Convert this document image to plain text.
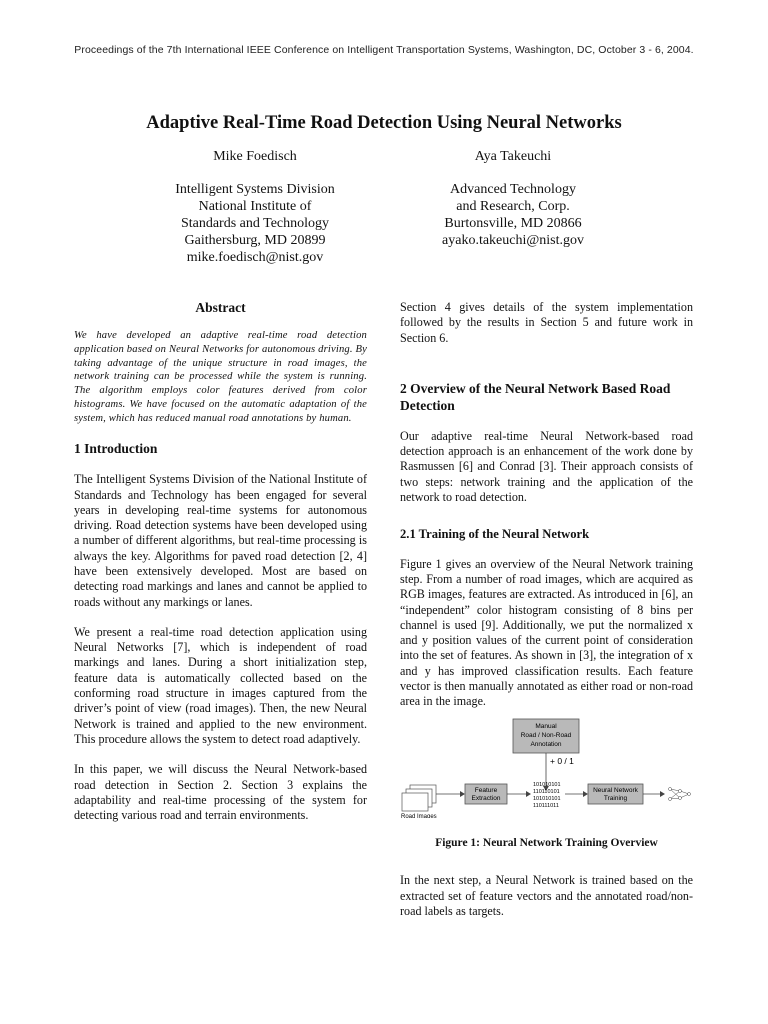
Proceedings of the 7th International IEEE Conference on Intelligent Transportation Systems, Washington, DC, October 3 - 6, 2004.
Adaptive Real-Time Road Detection Using Neural Networks
Mike Foedisch
Intelligent Systems Division
National Institute of
Standards and Technology
Gaithersburg, MD 20899
mike.foedisch@nist.gov
Aya Takeuchi
Advanced Technology
and Research, Corp.
Burtonsville, MD 20866
ayako.takeuchi@nist.gov
Abstract

We have developed an adaptive real-time road detection application based on Neural Networks for autonomous driving. By taking advantage of the unique structure in road images, the network training can be processed while the system is running. The algorithm employs color features derived from color histograms. We have focused on the automatic adaptation of the system, which has reduced manual road annotations by human.

1 Introduction

The Intelligent Systems Division of the National Institute of Standards and Technology has been engaged for several years in developing real-time systems for autonomous driving. Road detection systems have been developed using a number of different algorithms, but real-time processing is always the key. Algorithms for paved road detection [2, 4] have been extensively developed. Most are based on detecting road markings and lanes and cannot be applied to roads without any markings or lanes.

We present a real-time road detection application using Neural Networks [7], which is independent of road markings and lanes. During a short initialization step, feature data is automatically collected based on the conforming road structure in images captured from the driver’s point of view (road images). Then, the new Neural Network is trained and applied to the new environment. This procedure allows the system to detect road adaptively.

In this paper, we will discuss the Neural Network-based road detection in Section 2. Section 3 explains the adaptability and real-time processing of the system for detecting various road and terrain environments.

Section 4 gives details of the system implementation followed by the results in Section 5 and future work in Section 6.

2 Overview of the Neural Network Based Road Detection

Our adaptive real-time Neural Network-based road detection approach is an enhancement of the work done by Rasmussen [6] and Conrad [3]. Their approach consists of two steps: network training and the application of the network to road detection.

2.1 Training of the Neural Network

Figure 1 gives an overview of the Neural Network training step. From a number of road images, which are acquired as RGB images, features are extracted. As introduced in [6], an “independent” color histogram consisting of 8 bins per channel is used [9]. Additionally, we put the normalized x and y position values of the current point of consideration into the set of features. As shown in [3], the integration of x and y has improved classification results. Each feature vector is then manually annotated as either road or non-road area in the image.

Manual
Road / Non-Road
Annotation
+ 0 / 1
Road Images
Feature
Extraction
101010101
110110101
101010101
110111011
Neural Network
Training
Figure 1: Neural Network Training Overview

In the next step, a Neural Network is trained based on the extracted set of feature vectors and the annotated road/non-road labels as targets.
